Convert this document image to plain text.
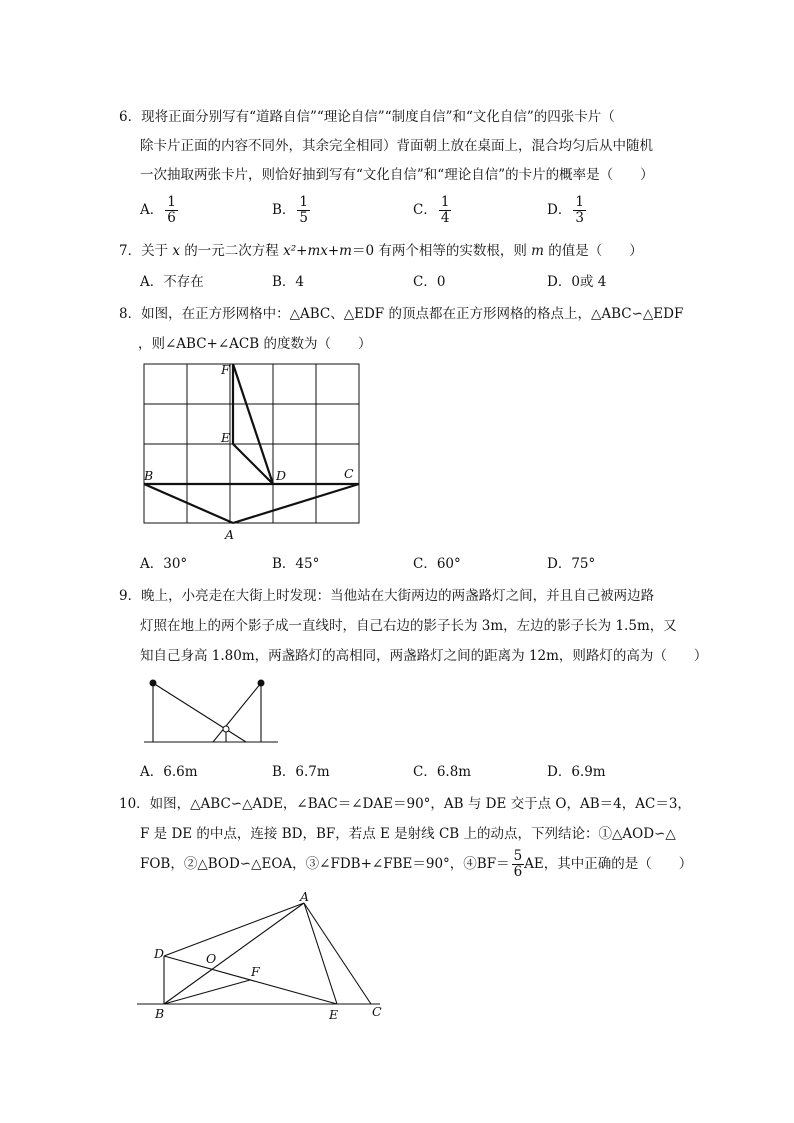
6．现将正面分别写有“道路自信”“理论自信”“制度自信”和“文化自信”的四张卡片（
除卡片正面的内容不同外，其余完全相同）背面朝上放在桌面上，混合均匀后从中随机
一次抽取两张卡片，则恰好抽到写有“文化自信”和“理论自信”的卡片的概率是（　　）
A． $\frac{1}{6}$	B． $\frac{1}{5}$	C． $\frac{1}{4}$	D． $\frac{1}{3}$
7．关于 x 的一元二次方程 x²+mx+m＝0 有两个相等的实数根，则 m 的值是（　　）
A．不存在	B．4	C．0	D．0或 4
8．如图，在正方形网格中：△ABC、△EDF 的顶点都在正方形网格的格点上，△ABC∽△EDF
，则∠ABC+∠ACB 的度数为（　　）
F
E
D
B	C
A
A．30°	B．45°	C．60°	D．75°
9．晚上，小亮走在大街上时发现：当他站在大街两边的两盏路灯之间，并且自己被两边路
灯照在地上的两个影子成一直线时，自己右边的影子长为 3m，左边的影子长为 1.5m，又
知自己身高 1.80m，两盏路灯的高相同，两盏路灯之间的距离为 12m，则路灯的高为（　　）
A．6.6m	B．6.7m	C．6.8m	D．6.9m
10．如图，△ABC∽△ADE，∠BAC＝∠DAE＝90°，AB 与 DE 交于点 O，AB＝4，AC＝3，
F 是 DE 的中点，连接 BD，BF，若点 E 是射线 CB 上的动点，下列结论：①△AOD∽△
FOB，②△BOD∽△EOA，③∠FDB+∠FBE＝90°，④BF＝ $\frac{5}{6}$ AE，其中正确的是（　　）
A
D	O
F
B	E	C
